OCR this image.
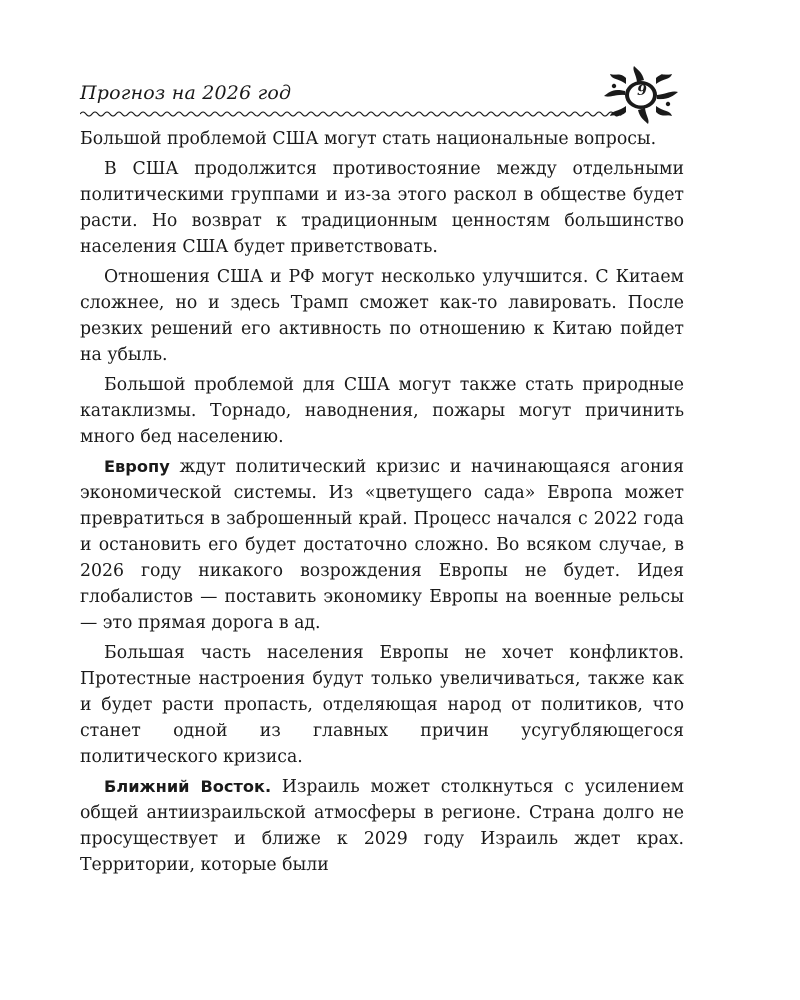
Прогноз на 2026 год	9

Большой проблемой США могут стать национальные вопросы.

В США продолжится противостояние между отдельными политическими группами и из-за этого раскол в обществе будет расти. Но возврат к традиционным ценностям большинство населения США будет приветствовать.

Отношения США и РФ могут несколько улучшится. С Китаем сложнее, но и здесь Трамп сможет как-то лавировать. После резких решений его активность по отношению к Китаю пойдет на убыль.

Большой проблемой для США могут также стать природные катаклизмы. Торнадо, наводнения, пожары могут причинить много бед населению.

Европу ждут политический кризис и начинающаяся агония экономической системы. Из «цветущего сада» Европа может превратиться в заброшенный край. Процесс начался с 2022 года и остановить его будет достаточно сложно. Во всяком случае, в 2026 году никакого возрождения Европы не будет. Идея глобалистов — поставить экономику Европы на военные рельсы — это прямая дорога в ад.

Большая часть населения Европы не хочет конфликтов. Протестные настроения будут только увеличиваться, также как и будет расти пропасть, отделяющая народ от политиков, что станет одной из главных причин усугубляющегося политического кризиса.

Ближний Восток. Израиль может столкнуться с усилением общей антиизраильской атмосферы в регионе. Страна долго не просуществует и ближе к 2029 году Израиль ждет крах. Территории, которые были
